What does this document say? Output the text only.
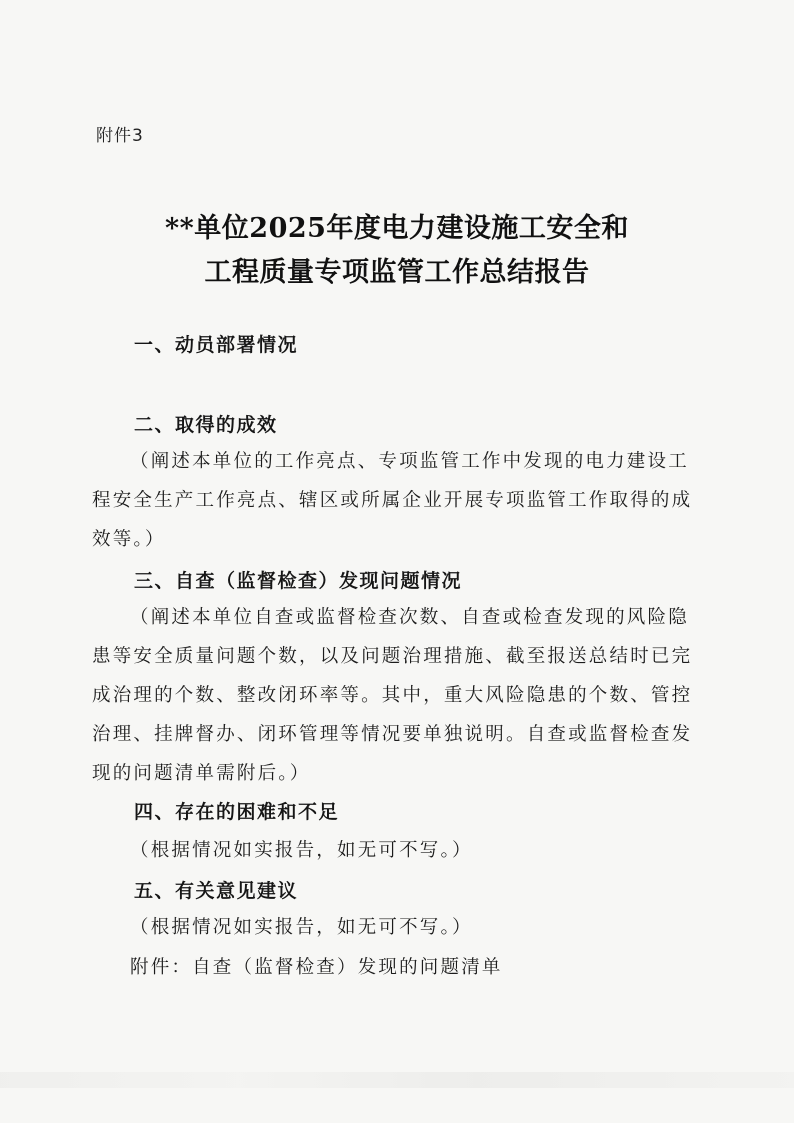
附件3
**单位2025年度电力建设施工安全和
工程质量专项监管工作总结报告
一、动员部署情况
二、取得的成效
（阐述本单位的工作亮点、专项监管工作中发现的电力建设工
程安全生产工作亮点、辖区或所属企业开展专项监管工作取得的成
效等。）
三、自查（监督检查）发现问题情况
（阐述本单位自查或监督检查次数、自查或检查发现的风险隐
患等安全质量问题个数，以及问题治理措施、截至报送总结时已完
成治理的个数、整改闭环率等。其中，重大风险隐患的个数、管控
治理、挂牌督办、闭环管理等情况要单独说明。自查或监督检查发
现的问题清单需附后。）
四、存在的困难和不足
（根据情况如实报告，如无可不写。）
五、有关意见建议
（根据情况如实报告，如无可不写。）
附件：自查（监督检查）发现的问题清单
